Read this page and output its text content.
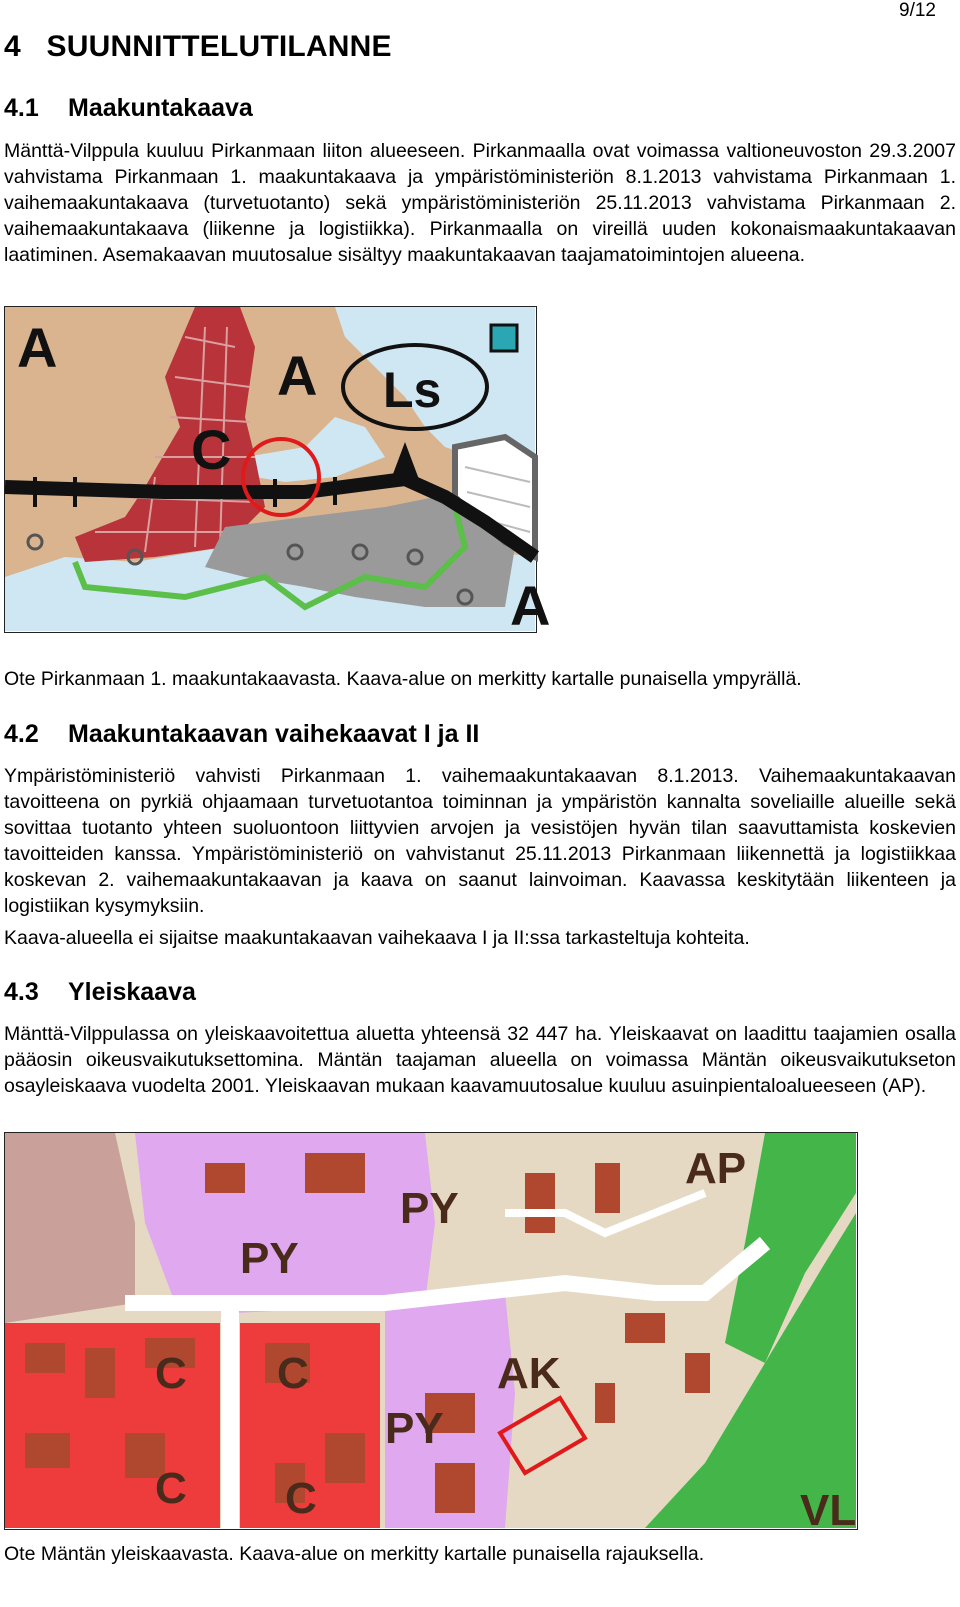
9/12
4 SUUNNITTELUTILANNE
4.1 Maakuntakaava

Mänttä-Vilppula kuuluu Pirkanmaan liiton alueeseen. Pirkanmaalla ovat voimassa valtioneuvoston 29.3.2007 vahvistama Pirkanmaan 1. maakuntakaava ja ympäristöministeriön 8.1.2013 vahvistama Pirkanmaan 1. vaihemaakuntakaava (turvetuotanto) sekä ympäristöministeriön 25.11.2013 vahvistama Pirkanmaan 2. vaihemaakuntakaava (liikenne ja logistiikka). Pirkanmaalla on vireillä uuden kokonaismaakuntakaavan laatiminen. Asemakaavan muutosalue sisältyy maakuntakaavan taajamatoimintojen alueena.

Ls
A	A
A
C
Ote Pirkanmaan 1. maakuntakaavasta. Kaava-alue on merkitty kartalle punaisella ympyrällä.
4.2 Maakuntakaavan vaihekaavat I ja II

Ympäristöministeriö vahvisti Pirkanmaan 1. vaihemaakuntakaavan 8.1.2013. Vaihemaakuntakaavan tavoitteena on pyrkiä ohjaamaan turvetuotantoa toiminnan ja ympäristön kannalta soveliaille alueille sekä sovittaa tuotanto yhteen suoluontoon liittyvien arvojen ja vesistöjen hyvän tilan saavuttamista koskevien tavoitteiden kanssa. Ympäristöministeriö on vahvistanut 25.11.2013 Pirkanmaan liikennettä ja logistiikkaa koskevan 2. vaihemaakuntakaavan ja kaava on saanut lainvoiman. Kaavassa keskitytään liikenteen ja logistiikan kysymyksiin.

Kaava-alueella ei sijaitse maakuntakaavan vaihekaava I ja II:ssa tarkasteltuja kohteita.

4.3 Yleiskaava

Mänttä-Vilppulassa on yleiskaavoitettua aluetta yhteensä 32 447 ha. Yleiskaavat on laadittu taajamien osalla pääosin oikeusvaikutuksettomina. Mäntän taajaman alueella on voimassa Mäntän oikeusvaikutukseton osayleiskaava vuodelta 2001. Yleiskaavan mukaan kaavamuutosalue kuuluu asuinpientaloalueeseen (AP).

AP
PY
PY
PY
C C
C C
AK
VL
Ote Mäntän yleiskaavasta. Kaava-alue on merkitty kartalle punaisella rajauksella.
